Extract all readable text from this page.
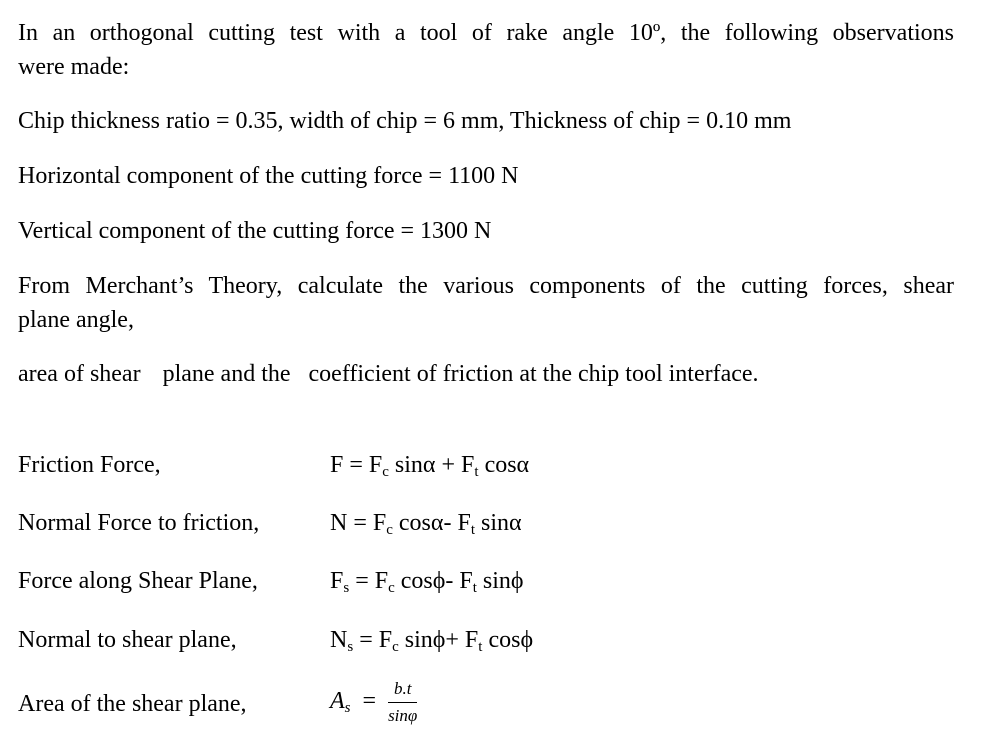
In an orthogonal cutting test with a tool of rake angle 10º, the following observations
were made:
Chip thickness ratio = 0.35, width of chip = 6 mm, Thickness of chip = 0.10 mm
Horizontal component of the cutting force = 1100 N
Vertical component of the cutting force = 1300 N
From Merchant’s Theory, calculate the various components of the cutting forces, shear
plane angle,
area of shear plane and the coefficient of friction at the chip tool interface.
Friction Force,	$F = F_c$ $\sin\alpha + F_t$ cosα
Normal Force to friction,	$N = F_c$ cosα- $F_t$ sinα
Force along Shear Plane,	$F_s = F_c$ cosϕ- $F_t$ sinϕ
Normal to shear plane,	$N_s = F_c$ $\sin\phi+ F_t$ cosϕ
Area of the shear plane,	$A_s = \frac{b.t}{\sin\varphi}$
